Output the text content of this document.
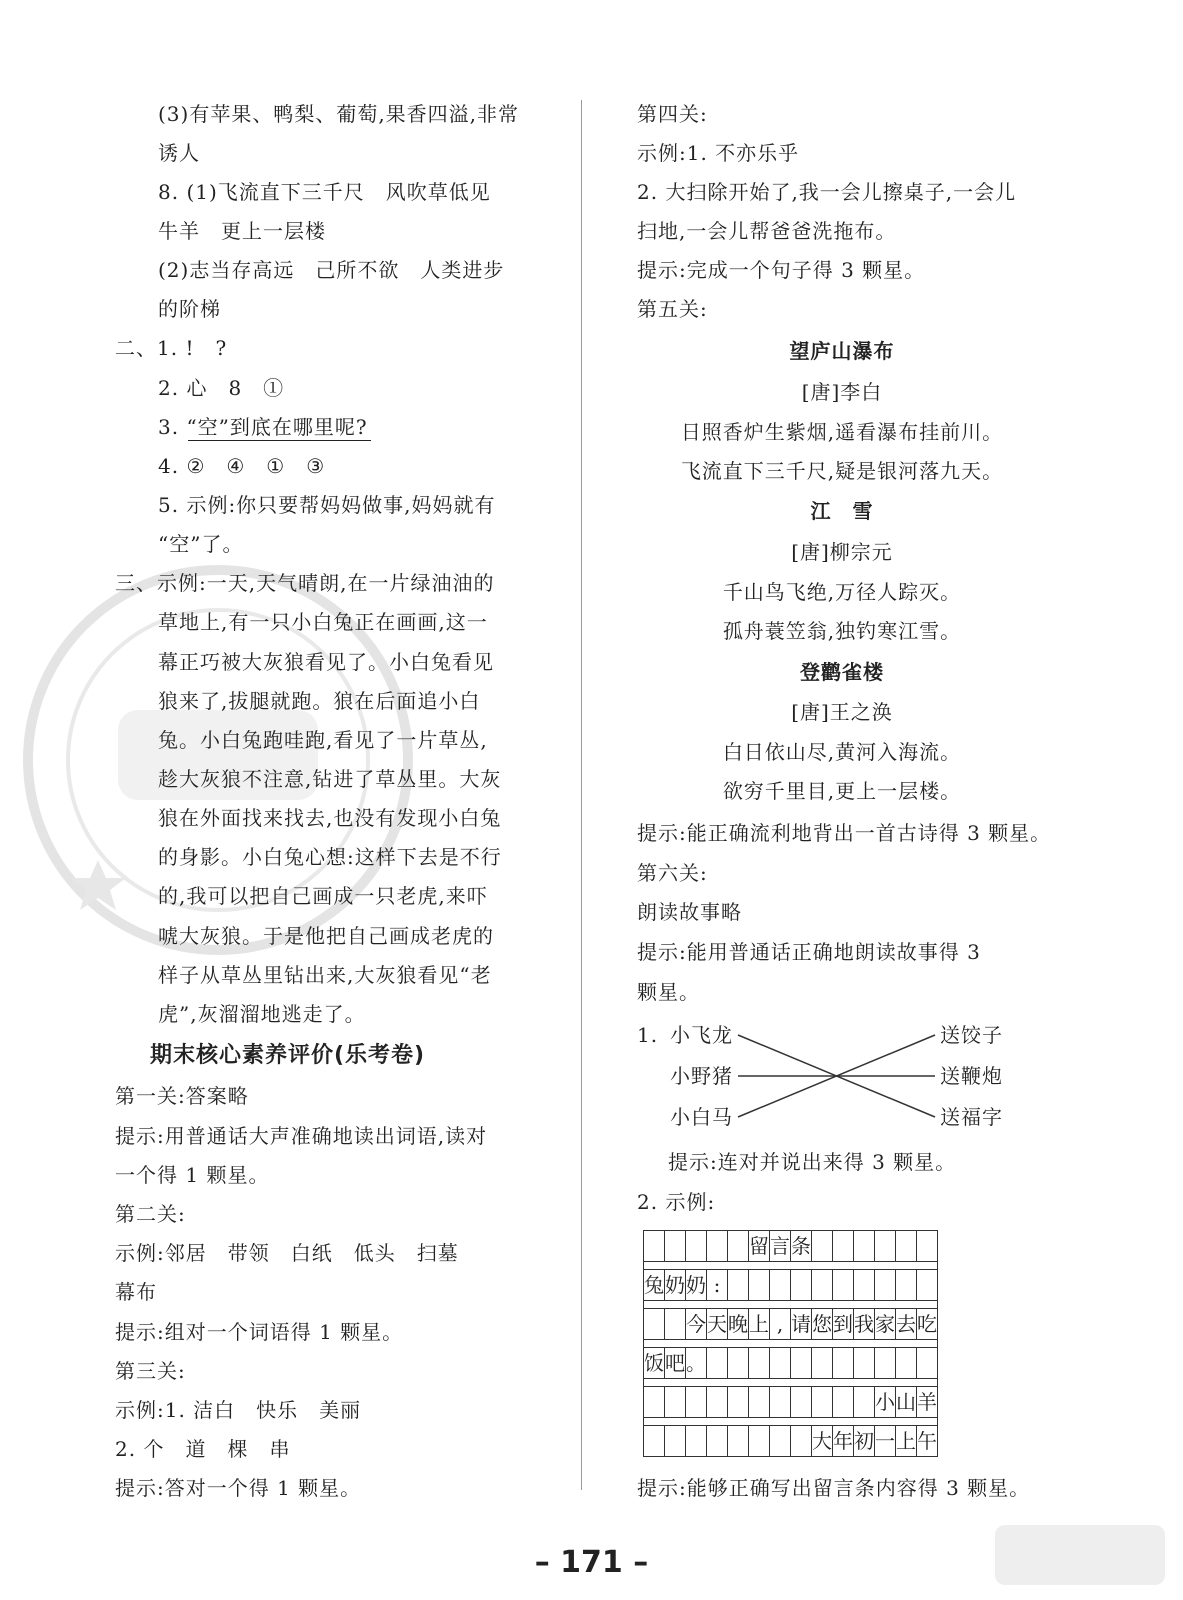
(3)有苹果、鸭梨、葡萄,果香四溢,非常
诱人
8. (1)飞流直下三千尺　风吹草低见
牛羊　更上一层楼
(2)志当存高远　己所不欲　人类进步
的阶梯
二、1. !　?
2. 心　8　①
3. “空”到底在哪里呢?
4. ②　④　①　③
5. 示例:你只要帮妈妈做事,妈妈就有
“空”了。
三、示例:一天,天气晴朗,在一片绿油油的
草地上,有一只小白兔正在画画,这一
幕正巧被大灰狼看见了。小白兔看见
狼来了,拔腿就跑。狼在后面追小白
兔。小白兔跑哇跑,看见了一片草丛,
趁大灰狼不注意,钻进了草丛里。大灰
狼在外面找来找去,也没有发现小白兔
的身影。小白兔心想:这样下去是不行
的,我可以把自己画成一只老虎,来吓
唬大灰狼。于是他把自己画成老虎的
样子从草丛里钻出来,大灰狼看见“老
虎”,灰溜溜地逃走了。
期末核心素养评价(乐考卷)
第一关:答案略
提示:用普通话大声准确地读出词语,读对
一个得 1 颗星。
第二关:
示例:邻居　带领　白纸　低头　扫墓
幕布
提示:组对一个词语得 1 颗星。
第三关:
示例:1. 洁白　快乐　美丽
2. 个　道　棵　串
提示:答对一个得 1 颗星。
第四关:
示例:1. 不亦乐乎
2. 大扫除开始了,我一会儿擦桌子,一会儿
扫地,一会儿帮爸爸洗拖布。
提示:完成一个句子得 3 颗星。
第五关:
望庐山瀑布
[唐]李白
日照香炉生紫烟,遥看瀑布挂前川。
飞流直下三千尺,疑是银河落九天。
江　雪
[唐]柳宗元
千山鸟飞绝,万径人踪灭。
孤舟蓑笠翁,独钓寒江雪。
登鹳雀楼
[唐]王之涣
白日依山尽,黄河入海流。
欲穷千里目,更上一层楼。
提示:能正确流利地背出一首古诗得 3 颗星。
第六关:
朗读故事略
提示:能用普通话正确地朗读故事得 3
颗星。
1. 小飞龙
小野猪
小白马
送饺子
送鞭炮
送福字
提示:连对并说出来得 3 颗星。
2. 示例:
					留	言	条						

兔	奶	奶	:										

		今	天	晚	上	,	请	您	到	我	家	去	吃

饭	吧	。											

											小	山	羊

								大	年	初	一	上	午
提示:能够正确写出留言条内容得 3 颗星。
– 171 –
